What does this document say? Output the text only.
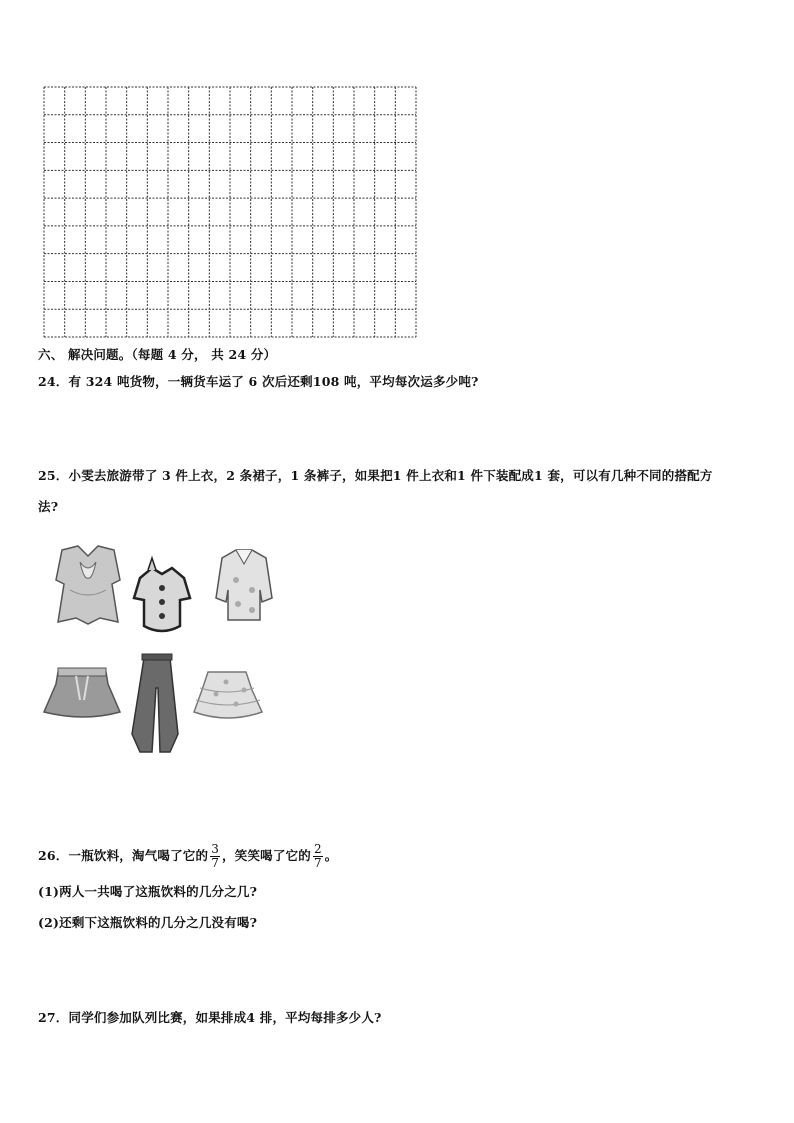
六、 解决问题。（每题 4 分， 共 24 分）
24．有 324 吨货物，一辆货车运了 6 次后还剩108 吨，平均每次运多少吨?
25．小雯去旅游带了 3 件上衣，2 条裙子，1 条裤子，如果把1 件上衣和1 件下装配成1 套，可以有几种不同的搭配方
法?
26．一瓶饮料，淘气喝了它的 $\frac{3}{7}$ ，笑笑喝了它的 $\frac{2}{7}$ 。
(1)两人一共喝了这瓶饮料的几分之几?
(2)还剩下这瓶饮料的几分之几没有喝?
27．同学们参加队列比赛，如果排成4 排，平均每排多少人?
